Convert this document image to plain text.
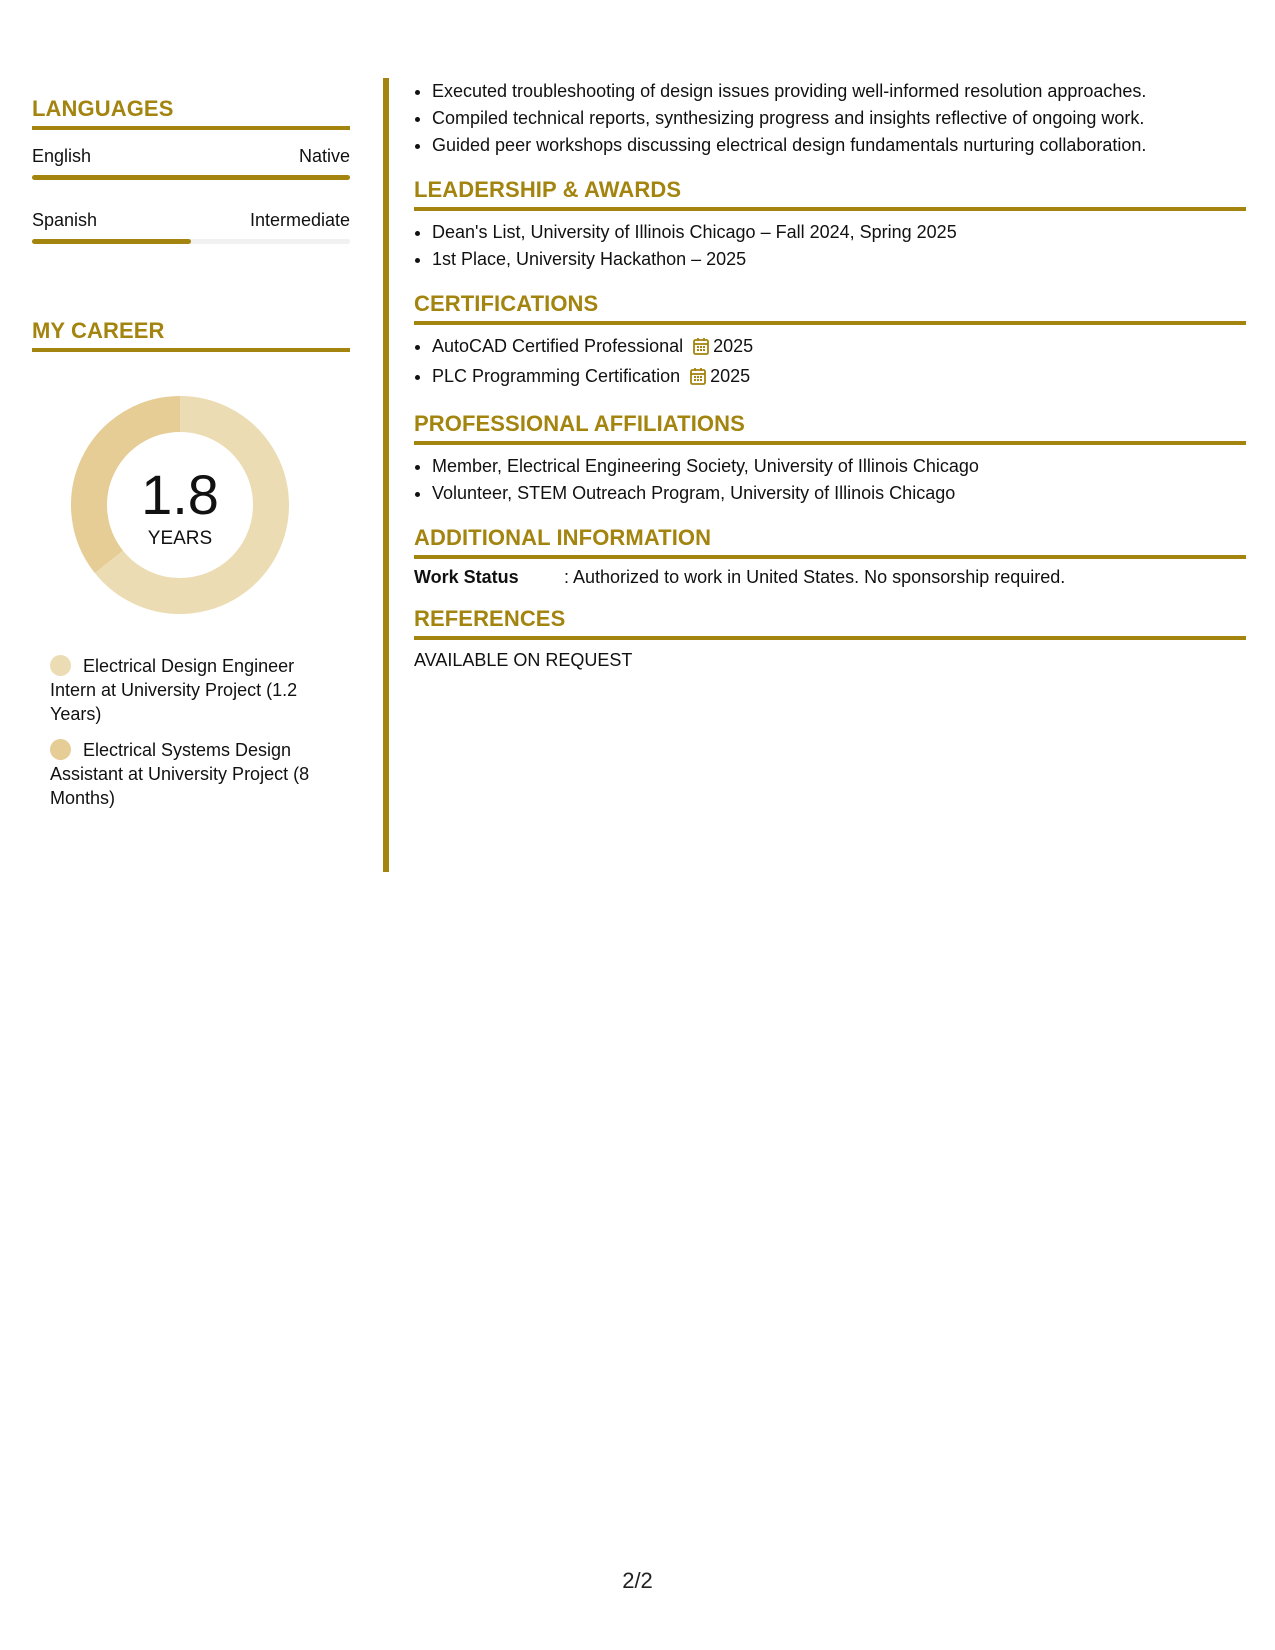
LANGUAGES
English	Native
Spanish	Intermediate
MY CAREER
1.8
YEARS
Electrical Design Engineer Intern at University Project (1.2 Years)
Electrical Systems Design Assistant at University Project (8 Months)
• Executed troubleshooting of design issues providing well-informed resolution approaches.
• Compiled technical reports, synthesizing progress and insights reflective of ongoing work.
• Guided peer workshops discussing electrical design fundamentals nurturing collaboration.
LEADERSHIP & AWARDS
• Dean's List, University of Illinois Chicago – Fall 2024, Spring 2025
• 1st Place, University Hackathon – 2025
CERTIFICATIONS
• AutoCAD Certified Professional 2025
• PLC Programming Certification 2025
PROFESSIONAL AFFILIATIONS
• Member, Electrical Engineering Society, University of Illinois Chicago
• Volunteer, STEM Outreach Program, University of Illinois Chicago
ADDITIONAL INFORMATION
Work Status	: Authorized to work in United States. No sponsorship required.
REFERENCES
AVAILABLE ON REQUEST
2/2
